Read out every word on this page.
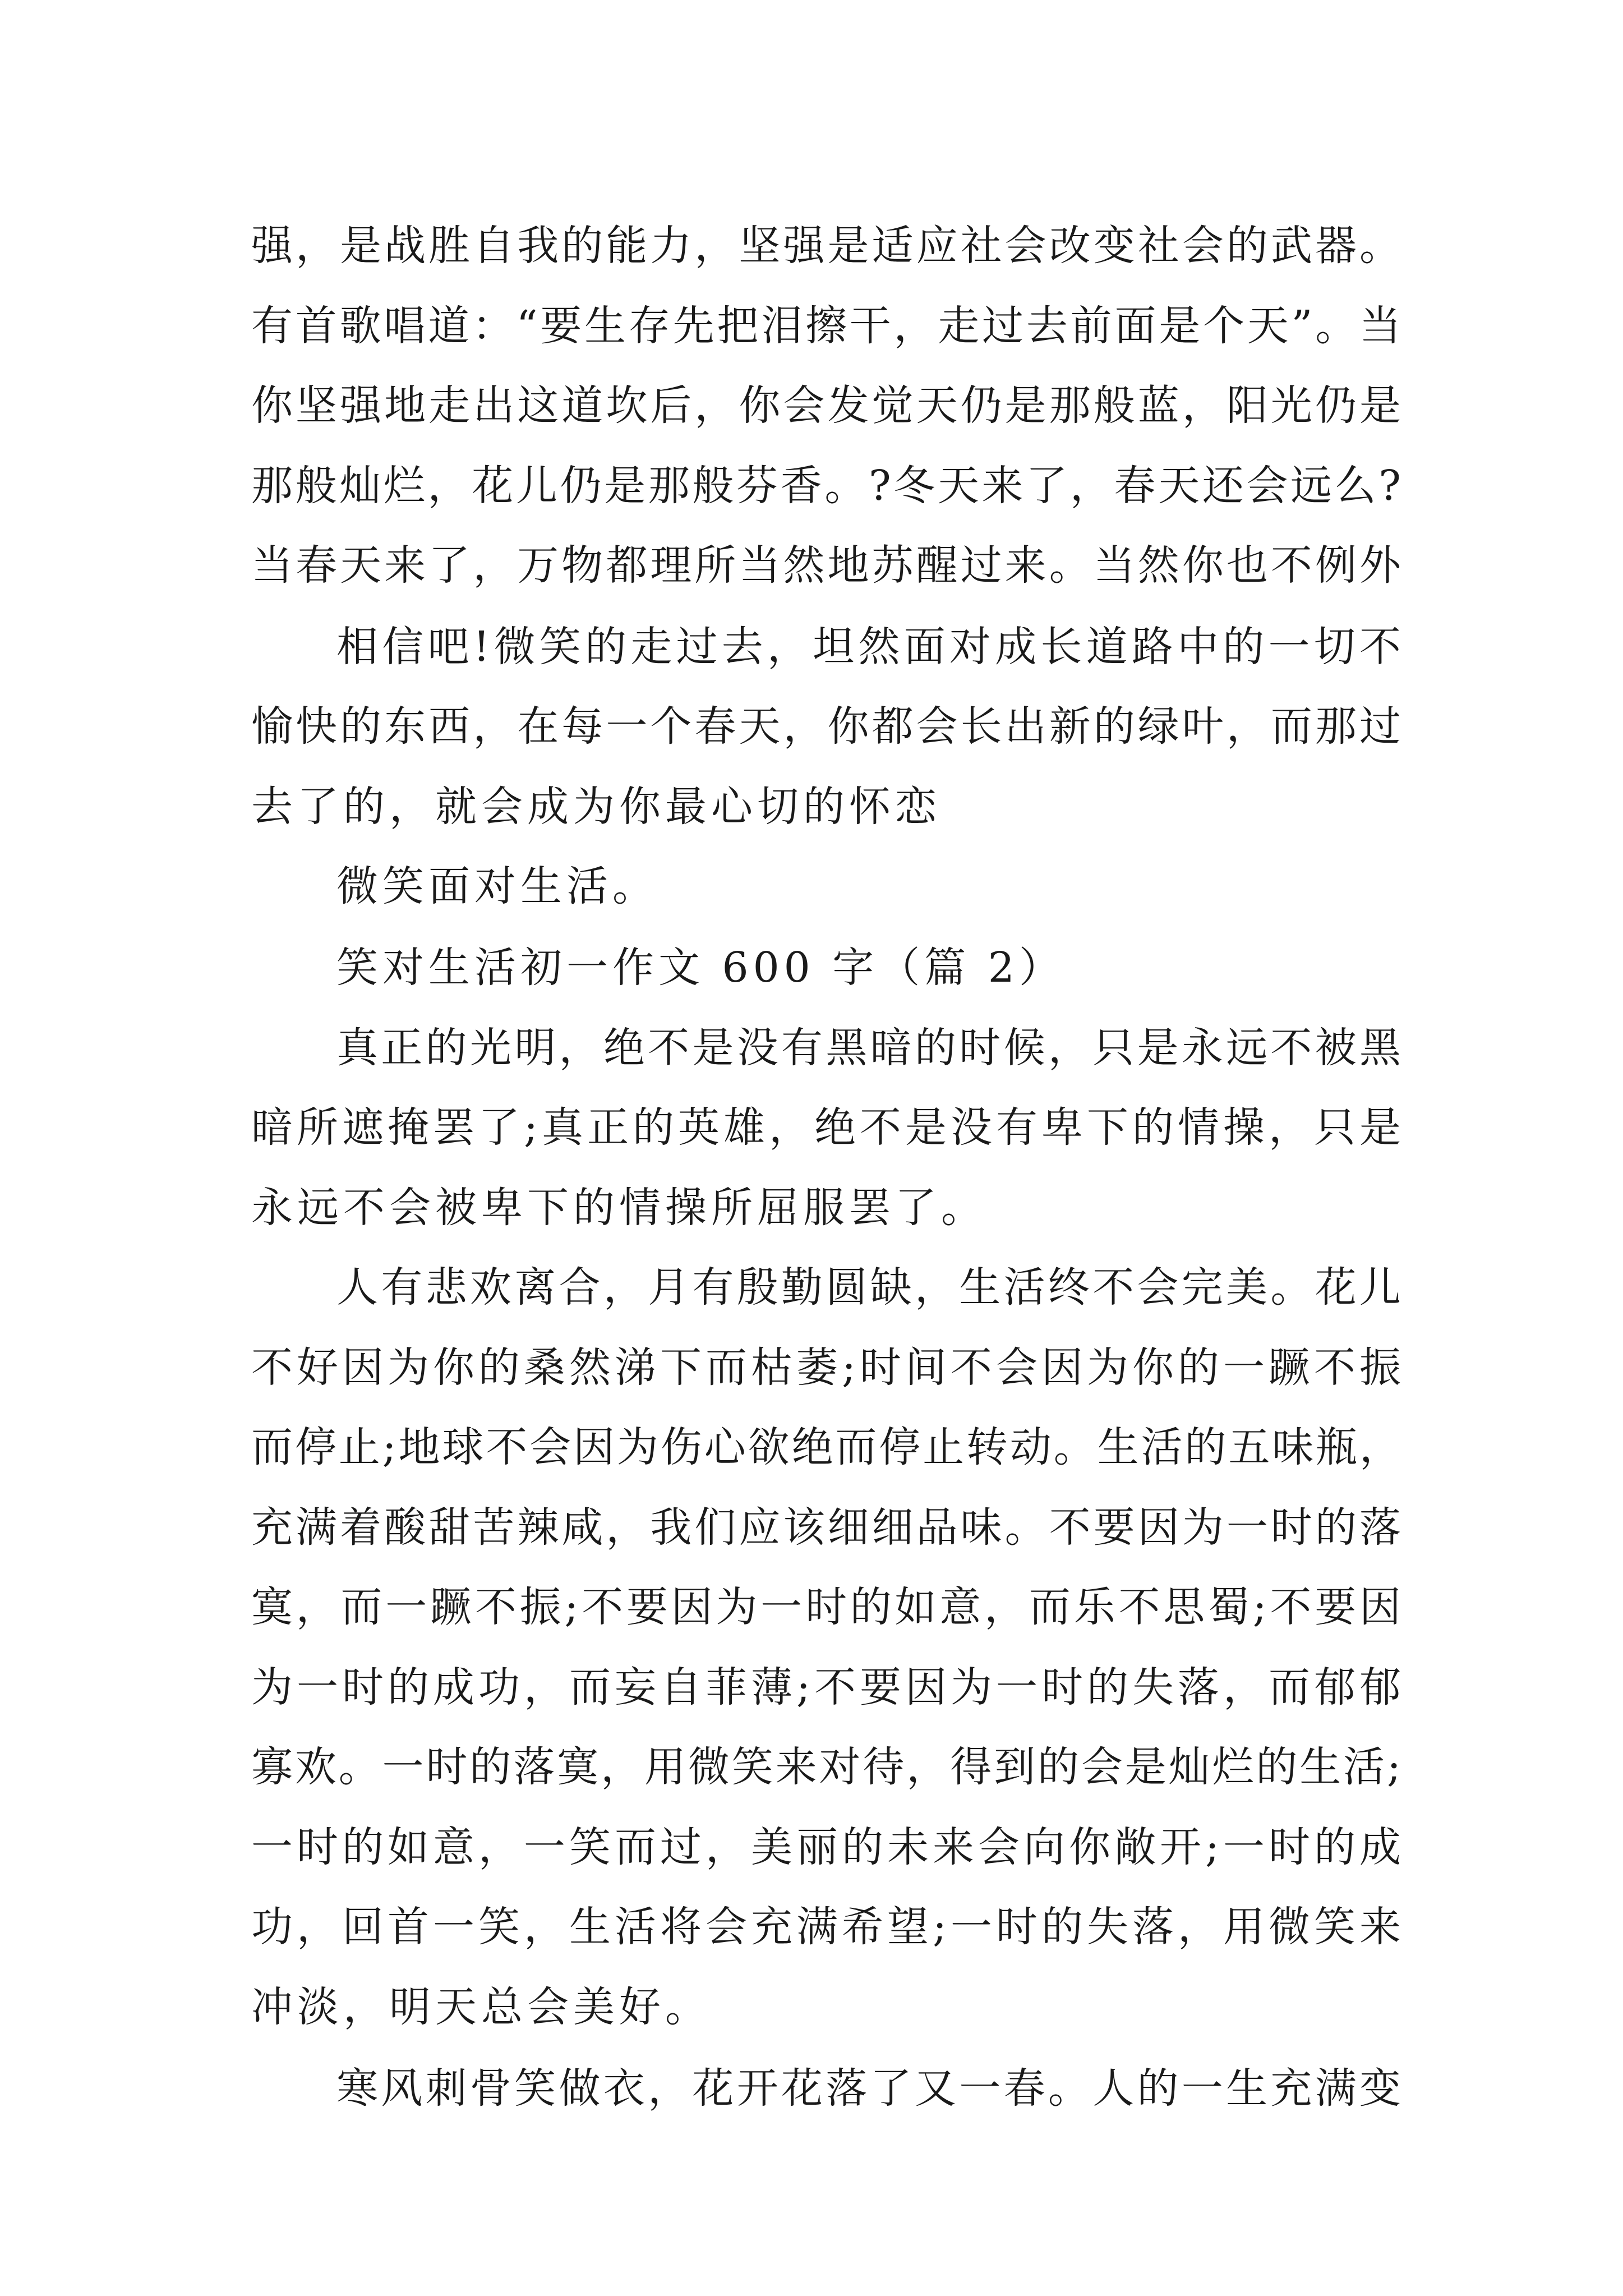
强，是战胜自我的能力，坚强是适应社会改变社会的武器。
有首歌唱道：“要生存先把泪擦干，走过去前面是个天”。当
你坚强地走出这道坎后，你会发觉天仍是那般蓝，阳光仍是
那般灿烂，花儿仍是那般芬香。?冬天来了，春天还会远么?
当春天来了，万物都理所当然地苏醒过来。当然你也不例外
相信吧!微笑的走过去，坦然面对成长道路中的一切不
愉快的东西，在每一个春天，你都会长出新的绿叶，而那过
去了的，就会成为你最心切的怀恋
微笑面对生活。
笑对生活初一作文 600 字（篇 2）
真正的光明，绝不是没有黑暗的时候，只是永远不被黑
暗所遮掩罢了;真正的英雄，绝不是没有卑下的情操，只是
永远不会被卑下的情操所屈服罢了。
人有悲欢离合，月有殷勤圆缺，生活终不会完美。花儿
不好因为你的桑然涕下而枯萎;时间不会因为你的一蹶不振
而停止;地球不会因为伤心欲绝而停止转动。生活的五味瓶，
充满着酸甜苦辣咸，我们应该细细品味。不要因为一时的落
寞，而一蹶不振;不要因为一时的如意，而乐不思蜀;不要因
为一时的成功，而妄自菲薄;不要因为一时的失落，而郁郁
寡欢。一时的落寞，用微笑来对待，得到的会是灿烂的生活;
一时的如意，一笑而过，美丽的未来会向你敞开;一时的成
功，回首一笑，生活将会充满希望;一时的失落，用微笑来
冲淡，明天总会美好。
寒风刺骨笑做衣，花开花落了又一春。人的一生充满变
